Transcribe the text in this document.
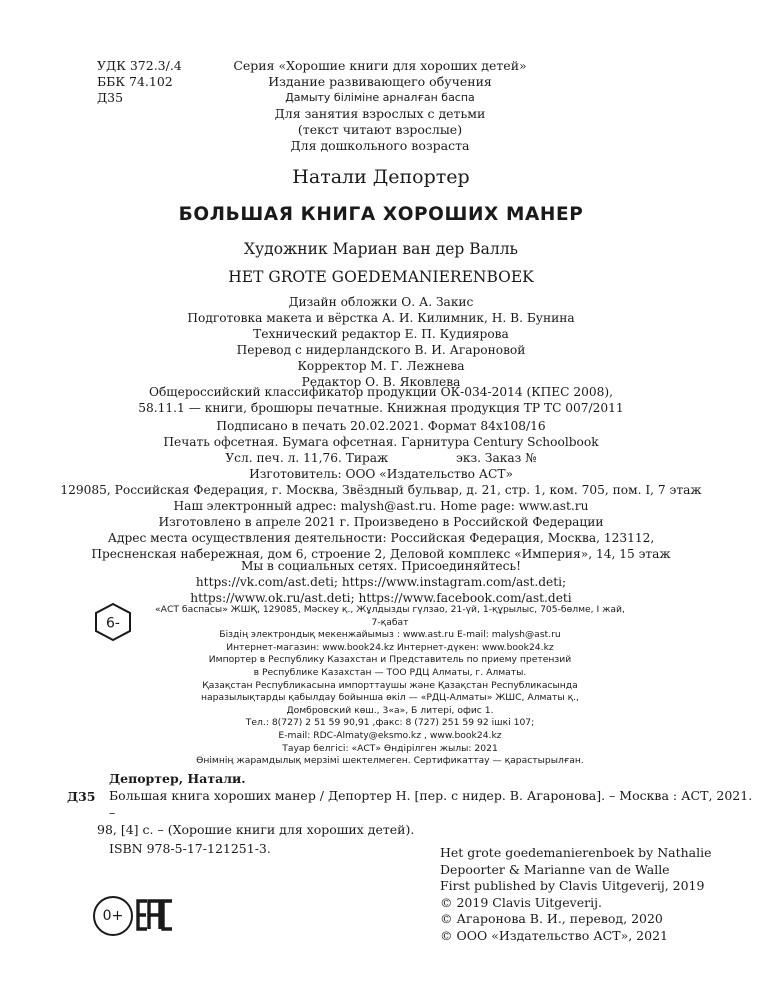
УДК 372.3/.4
ББК 74.102
Д35
Серия «Хорошие книги для хороших детей»
Издание развивающего обучения
Дамыту біліміне арналған баспа
Для занятия взрослых с детьми
(текст читают взрослые)
Для дошкольного возраста
Натали Депортер
БОЛЬШАЯ КНИГА ХОРОШИХ МАНЕР
Художник Мариан ван дер Валль
HET GROTE GOEDEMANIERENBOEK
Дизайн обложки О. А. Закис
Подготовка макета и вёрстка А. И. Килимник, Н. В. Бунина
Технический редактор Е. П. Кудиярова
Перевод с нидерландского В. И. Агароновой
Корректор М. Г. Лежнева
Редактор О. В. Яковлева
Общероссийский классификатор продукции ОК-034-2014 (КПЕС 2008),
58.11.1 — книги, брошюры печатные. Книжная продукция ТР ТС 007/2011
Подписано в печать 20.02.2021. Формат 84x108/16
Печать офсетная. Бумага офсетная. Гарнитура Century Schoolbook
Усл. печ. л. 11,76. Тираж	экз. Заказ №
Изготовитель: ООО «Издательство АСТ»
129085, Российская Федерация, г. Москва, Звёздный бульвар, д. 21, стр. 1, ком. 705, пом. I, 7 этаж
Наш электронный адрес: malysh@ast.ru. Home page: www.ast.ru
Изготовлено в апреле 2021 г. Произведено в Российской Федерации
Адрес места осуществления деятельности: Российская Федерация, Москва, 123112,
Пресненская набережная, дом 6, строение 2, Деловой комплекс «Империя», 14, 15 этаж
Мы в социальных сетях. Присоединяйтесь!
https://vk.com/ast.deti; https://www.instagram.com/ast.deti;
https://www.ok.ru/ast.deti; https://www.facebook.com/ast.deti
6-
«АСТ баспасы» ЖШҚ, 129085, Мәскеу қ., Жұлдызды гүлзао, 21-үй, 1-құрылыс, 705-бөлме, I жай, 7-қабат
Біздің электрондық мекенжайымыз : www.ast.ru E-mail: malysh@ast.ru
Интернет-магазин: www.book24.kz Интернет-дүкен: www.book24.kz
Импортер в Республику Казахстан и Представитель по приему претензий
в Республике Казахстан — ТОО РДЦ Алматы, г. Алматы.
Қазақстан Республикасына импорттаушы және Қазақстан Республикасында
наразылықтарды қабылдау бойынша өкіл — «РДЦ-Алматы» ЖШС, Алматы қ.,
Домбровский көш., 3«а», Б литері, офис 1.
Тел.: 8(727) 2 51 59 90,91 ,факс: 8 (727) 251 59 92 ішкі 107;
E-mail: RDC-Almaty@eksmo.kz , www.book24.kz
Тауар белгісі: «АСТ» Өндірілген жылы: 2021
Өнімнің жарамдылық мерзімі шектелмеген. Сертификаттау — қарастырылған.
Д35
Депортер, Натали.
Большая книга хороших манер / Депортер Н. [пер. с нидер. В. Агаронова]. – Москва : АСТ, 2021. –
98, [4] с. – (Хорошие книги для хороших детей).
ISBN 978-5-17-121251-3.	Het grote goedemanierenboek by Nathalie
Depoorter & Marianne van de Walle
First published by Clavis Uitgeverij, 2019
© 2019 Clavis Uitgeverij.
© Агаронова В. И., перевод, 2020
© ООО «Издательство АСТ», 2021
0+
